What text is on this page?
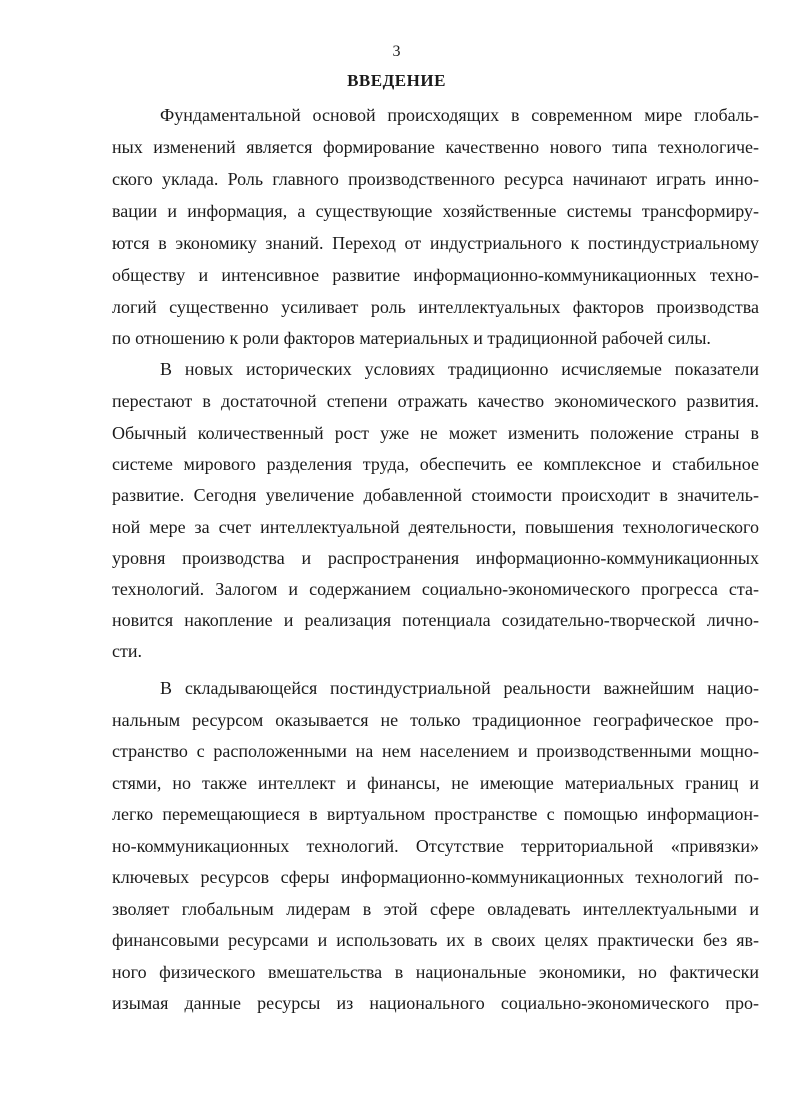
3
ВВЕДЕНИЕ
Фундаментальной основой происходящих в современном мире глобаль-
ных изменений является формирование качественно нового типа технологиче-
ского уклада. Роль главного производственного ресурса начинают играть инно-
вации и информация, а существующие хозяйственные системы трансформиру-
ются в экономику знаний. Переход от индустриального к постиндустриальному
обществу и интенсивное развитие информационно-коммуникационных техно-
логий существенно усиливает роль интеллектуальных факторов производства
по отношению к роли факторов материальных и традиционной рабочей силы.
В новых исторических условиях традиционно исчисляемые показатели
перестают в достаточной степени отражать качество экономического развития.
Обычный количественный рост уже не может изменить положение страны в
системе мирового разделения труда, обеспечить ее комплексное и стабильное
развитие. Сегодня увеличение добавленной стоимости происходит в значитель-
ной мере за счет интеллектуальной деятельности, повышения технологического
уровня производства и распространения информационно-коммуникационных
технологий. Залогом и содержанием социально-экономического прогресса ста-
новится накопление и реализация потенциала созидательно-творческой лично-
сти.
В складывающейся постиндустриальной реальности важнейшим нацио-
нальным ресурсом оказывается не только традиционное географическое про-
странство с расположенными на нем населением и производственными мощно-
стями, но также интеллект и финансы, не имеющие материальных границ и
легко перемещающиеся в виртуальном пространстве с помощью информацион-
но-коммуникационных технологий. Отсутствие территориальной «привязки»
ключевых ресурсов сферы информационно-коммуникационных технологий по-
зволяет глобальным лидерам в этой сфере овладевать интеллектуальными и
финансовыми ресурсами и использовать их в своих целях практически без яв-
ного физического вмешательства в национальные экономики, но фактически
изымая данные ресурсы из национального социально-экономического про-
